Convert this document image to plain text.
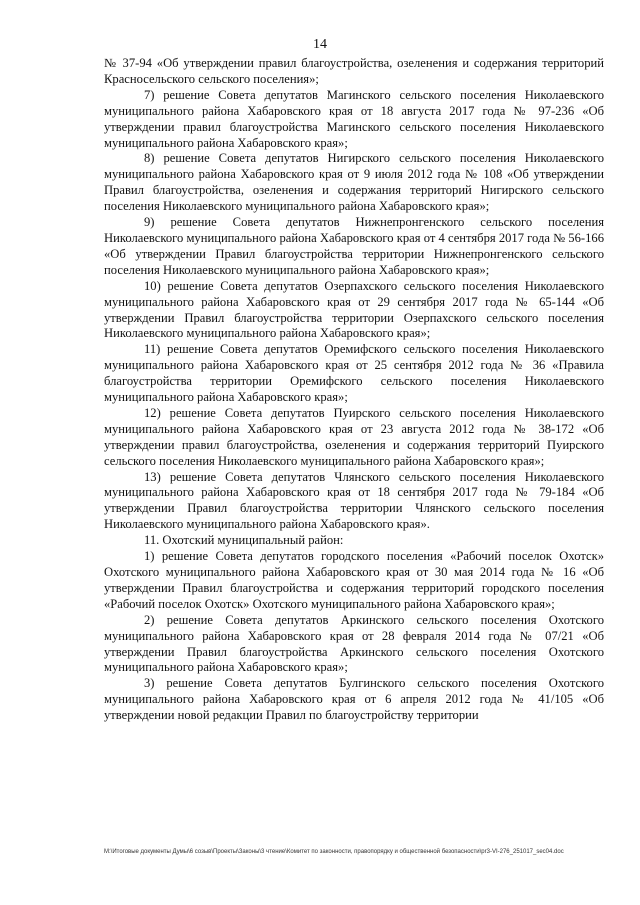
14

№ 37-94 «Об утверждении правил благоустройства, озеленения и содержания территорий Красносельского сельского поселения»;

7) решение Совета депутатов Магинского сельского поселения Николаевского муниципального района Хабаровского края от 18 августа 2017 года № 97-236 «Об утверждении правил благоустройства Магинского сельского поселения Николаевского муниципального района Хабаровского края»;

8) решение Совета депутатов Нигирского сельского поселения Николаевского муниципального района Хабаровского края от 9 июля 2012 года № 108 «Об утверждении Правил благоустройства, озеленения и содержания территорий Нигирского сельского поселения Николаевского муниципального района Хабаровского края»;

9) решение Совета депутатов Нижнепронгенского сельского поселения Николаевского муниципального района Хабаровского края от 4 сентября 2017 года № 56-166 «Об утверждении Правил благоустройства территории Нижнепронгенского сельского поселения Николаевского муниципального района Хабаровского края»;

10) решение Совета депутатов Озерпахского сельского поселения Николаевского муниципального района Хабаровского края от 29 сентября 2017 года № 65-144 «Об утверждении Правил благоустройства территории Озерпахского сельского поселения Николаевского муниципального района Хабаровского края»;

11) решение Совета депутатов Оремифского сельского поселения Николаевского муниципального района Хабаровского края от 25 сентября 2012 года № 36 «Правила благоустройства территории Оремифского сельского поселения Николаевского муниципального района Хабаровского края»;

12) решение Совета депутатов Пуирского сельского поселения Николаевского муниципального района Хабаровского края от 23 августа 2012 года № 38-172 «Об утверждении правил благоустройства, озеленения и содержания территорий Пуирского сельского поселения Николаевского муниципального района Хабаровского края»;

13) решение Совета депутатов Члянского сельского поселения Николаевского муниципального района Хабаровского края от 18 сентября 2017 года № 79-184 «Об утверждении Правил благоустройства территории Члянского сельского поселения Николаевского муниципального района Хабаровского края».

11. Охотский муниципальный район:

1) решение Совета депутатов городского поселения «Рабочий поселок Охотск» Охотского муниципального района Хабаровского края от 30 мая 2014 года № 16 «Об утверждении Правил благоустройства и содержания территорий городского поселения «Рабочий поселок Охотск» Охотского муниципального района Хабаровского края»;

2) решение Совета депутатов Аркинского сельского поселения Охотского муниципального района Хабаровского края от 28 февраля 2014 года № 07/21 «Об утверждении Правил благоустройства Аркинского сельского поселения Охотского муниципального района Хабаровского края»;

3) решение Совета депутатов Булгинского сельского поселения Охотского муниципального района Хабаровского края от 6 апреля 2012 года № 41/105 «Об утверждении новой редакции Правил по благоустройству территории

M:\Итоговые документы Думы\6 созыв\Проекты\Законы\3 чтение\Комитет по законности, правопорядку и общественной безопасности\pr3-VI-276_251017_sec04.doc
